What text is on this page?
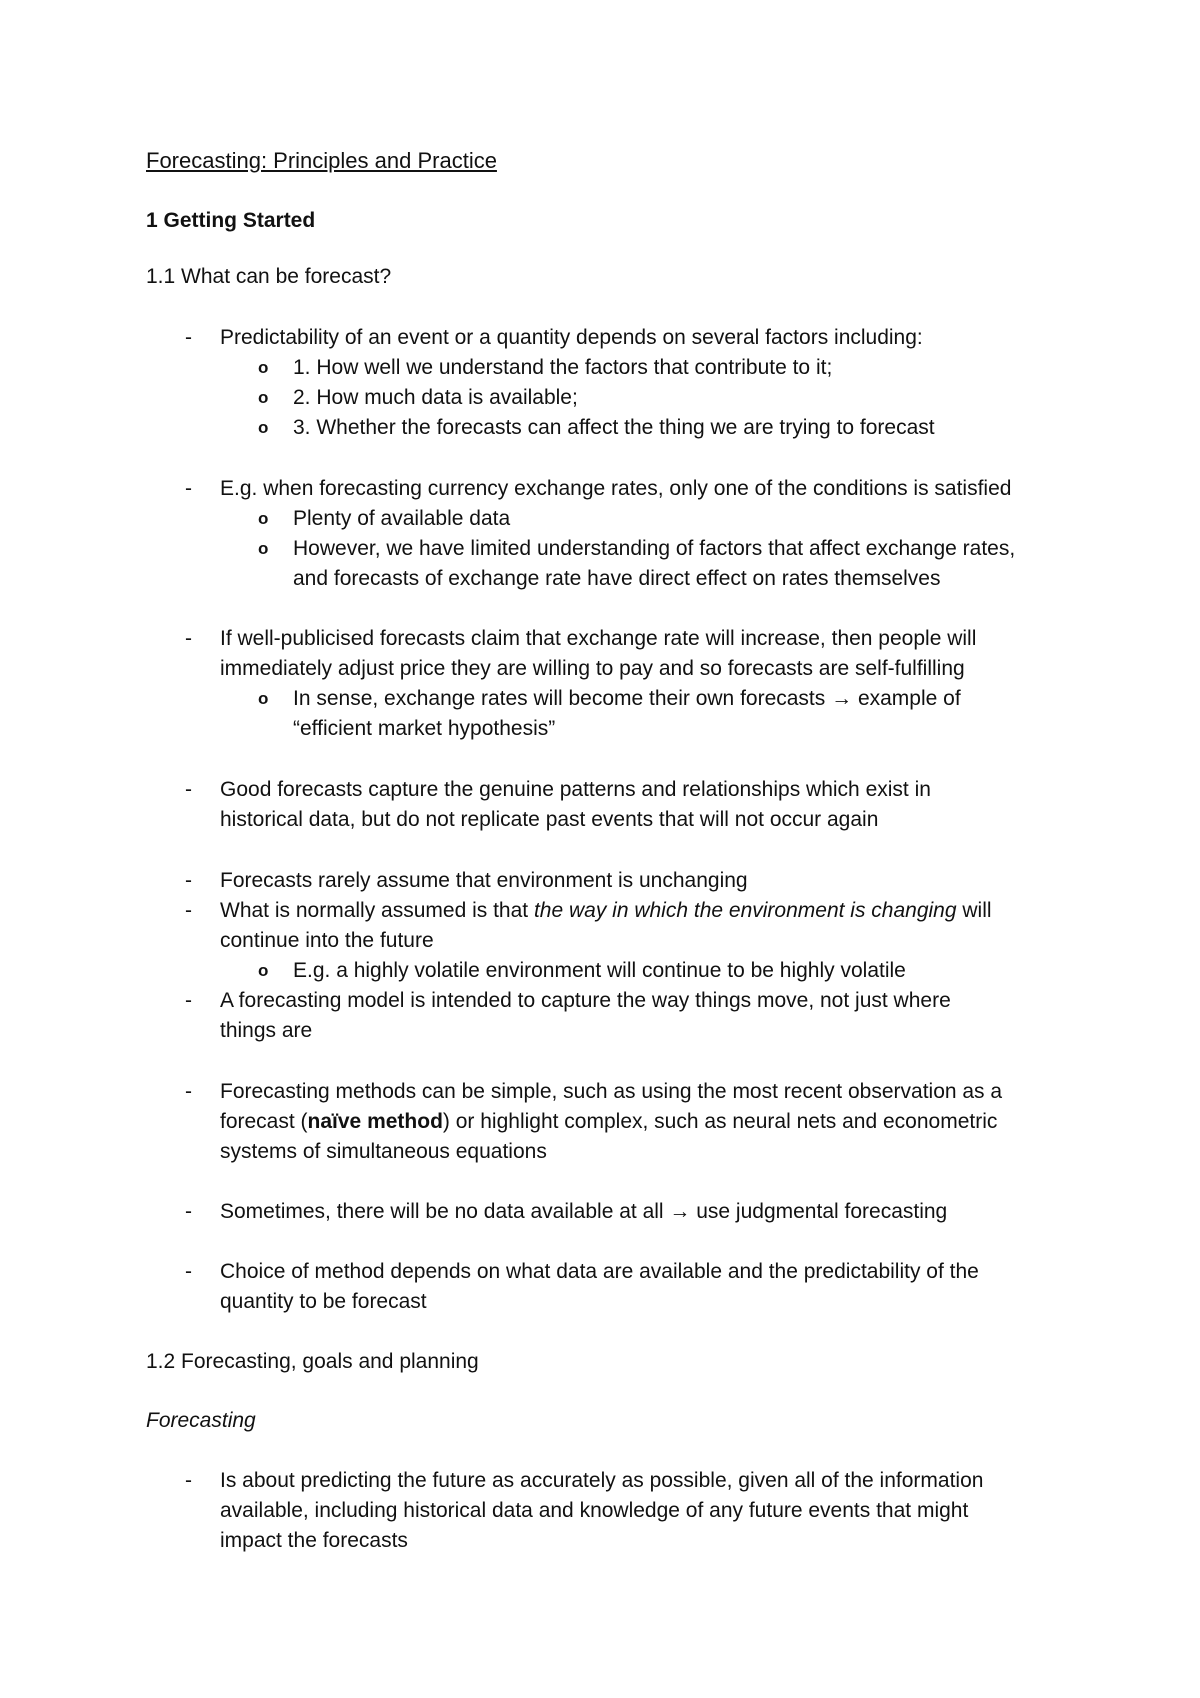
Forecasting: Principles and Practice
1 Getting Started
1.1 What can be forecast?
- Predictability of an event or a quantity depends on several factors including:
o 1. How well we understand the factors that contribute to it;
o 2. How much data is available;
o 3. Whether the forecasts can affect the thing we are trying to forecast
- E.g. when forecasting currency exchange rates, only one of the conditions is satisfied
o Plenty of available data
o However, we have limited understanding of factors that affect exchange rates,
and forecasts of exchange rate have direct effect on rates themselves
- If well-publicised forecasts claim that exchange rate will increase, then people will
immediately adjust price they are willing to pay and so forecasts are self-fulfilling
o In sense, exchange rates will become their own forecasts → example of
“efficient market hypothesis”
- Good forecasts capture the genuine patterns and relationships which exist in
historical data, but do not replicate past events that will not occur again
- Forecasts rarely assume that environment is unchanging
- What is normally assumed is that the way in which the environment is changing will
continue into the future
o E.g. a highly volatile environment will continue to be highly volatile
- A forecasting model is intended to capture the way things move, not just where
things are
- Forecasting methods can be simple, such as using the most recent observation as a
forecast (naïve method) or highlight complex, such as neural nets and econometric
systems of simultaneous equations
- Sometimes, there will be no data available at all → use judgmental forecasting
- Choice of method depends on what data are available and the predictability of the
quantity to be forecast
1.2 Forecasting, goals and planning
Forecasting
- Is about predicting the future as accurately as possible, given all of the information
available, including historical data and knowledge of any future events that might
impact the forecasts
